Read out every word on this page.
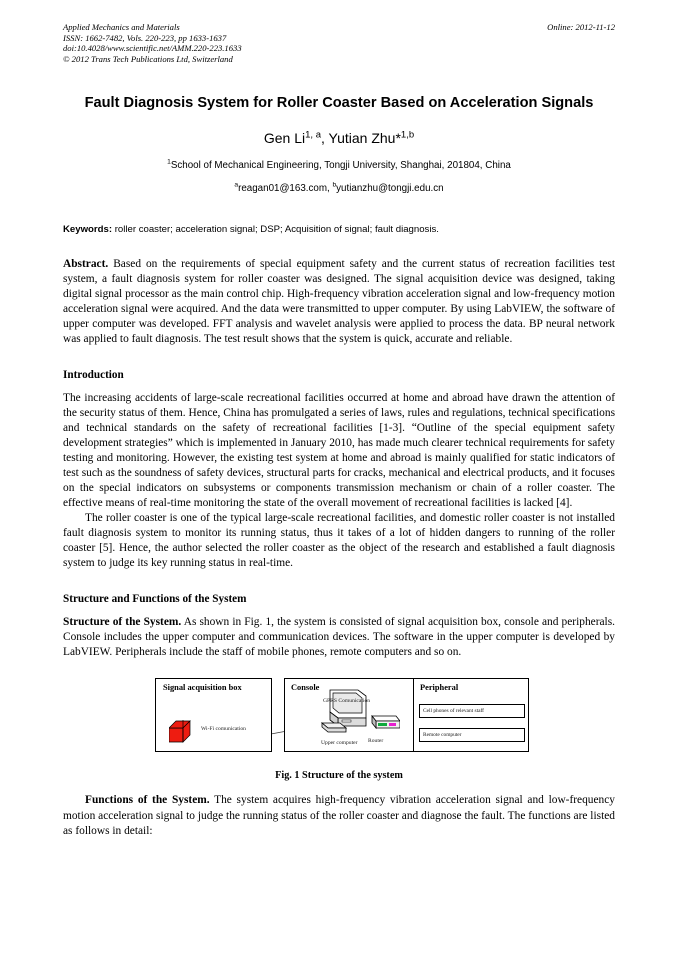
Applied Mechanics and Materials
ISSN: 1662-7482, Vols. 220-223, pp 1633-1637
doi:10.4028/www.scientific.net/AMM.220-223.1633
© 2012 Trans Tech Publications Ltd, Switzerland
Online: 2012-11-12
Fault Diagnosis System for Roller Coaster Based on Acceleration Signals
Gen Li$^{1, a}$, Yutian Zhu*$^{1,b}$
$^1$School of Mechanical Engineering, Tongji University, Shanghai, 201804, China
$^a$reagan01@163.com, $^b$yutianzhu@tongji.edu.cn
Keywords: roller coaster; acceleration signal; DSP; Acquisition of signal; fault diagnosis.
Abstract. Based on the requirements of special equipment safety and the current status of recreation facilities test system, a fault diagnosis system for roller coaster was designed. The signal acquisition device was designed, taking digital signal processor as the main control chip. High-frequency vibration acceleration signal and low-frequency motion acceleration signal were acquired. And the data were transmitted to upper computer. By using LabVIEW, the software of upper computer was developed. FFT analysis and wavelet analysis were applied to process the data. BP neural network was applied to fault diagnosis. The test result shows that the system is quick, accurate and reliable.
Introduction
The increasing accidents of large-scale recreational facilities occurred at home and abroad have drawn the attention of the security status of them. Hence, China has promulgated a series of laws, rules and regulations, technical specifications and technical standards on the safety of recreational facilities [1-3]. “Outline of the special equipment safety development strategies” which is implemented in January 2010, has made much clearer technical requirements for safety testing and monitoring. However, the existing test system at home and abroad is mainly qualified for static indicators of test such as the soundness of safety devices, structural parts for cracks, mechanical and electrical products, and it focuses on the special indicators on subsystems or components transmission mechanism or chain of a roller coaster. The effective means of real-time monitoring the state of the overall movement of recreational facilities is lacked [4].
The roller coaster is one of the typical large-scale recreational facilities, and domestic roller coaster is not installed fault diagnosis system to monitor its running status, thus it takes of a lot of hidden dangers to running of the roller coaster [5]. Hence, the author selected the roller coaster as the object of the research and established a fault diagnosis system to judge its key running status in real-time.
Structure and Functions of the System
Structure of the System. As shown in Fig. 1, the system is consisted of signal acquisition box, console and peripherals. Console includes the upper computer and communication devices. The software in the upper computer is developed by LabVIEW. Peripherals include the staff of mobile phones, remote computers and so on.
Signal acquisition box
Wi-Fi comunication
Console
Upper computer Router
GPRS Comunication
Peripheral
Cell phones of relevant staff
Remote computer
Fig. 1 Structure of the system
Functions of the System. The system acquires high-frequency vibration acceleration signal and low-frequency motion acceleration signal to judge the running status of the roller coaster and diagnose the fault. The functions are listed as follows in detail:
